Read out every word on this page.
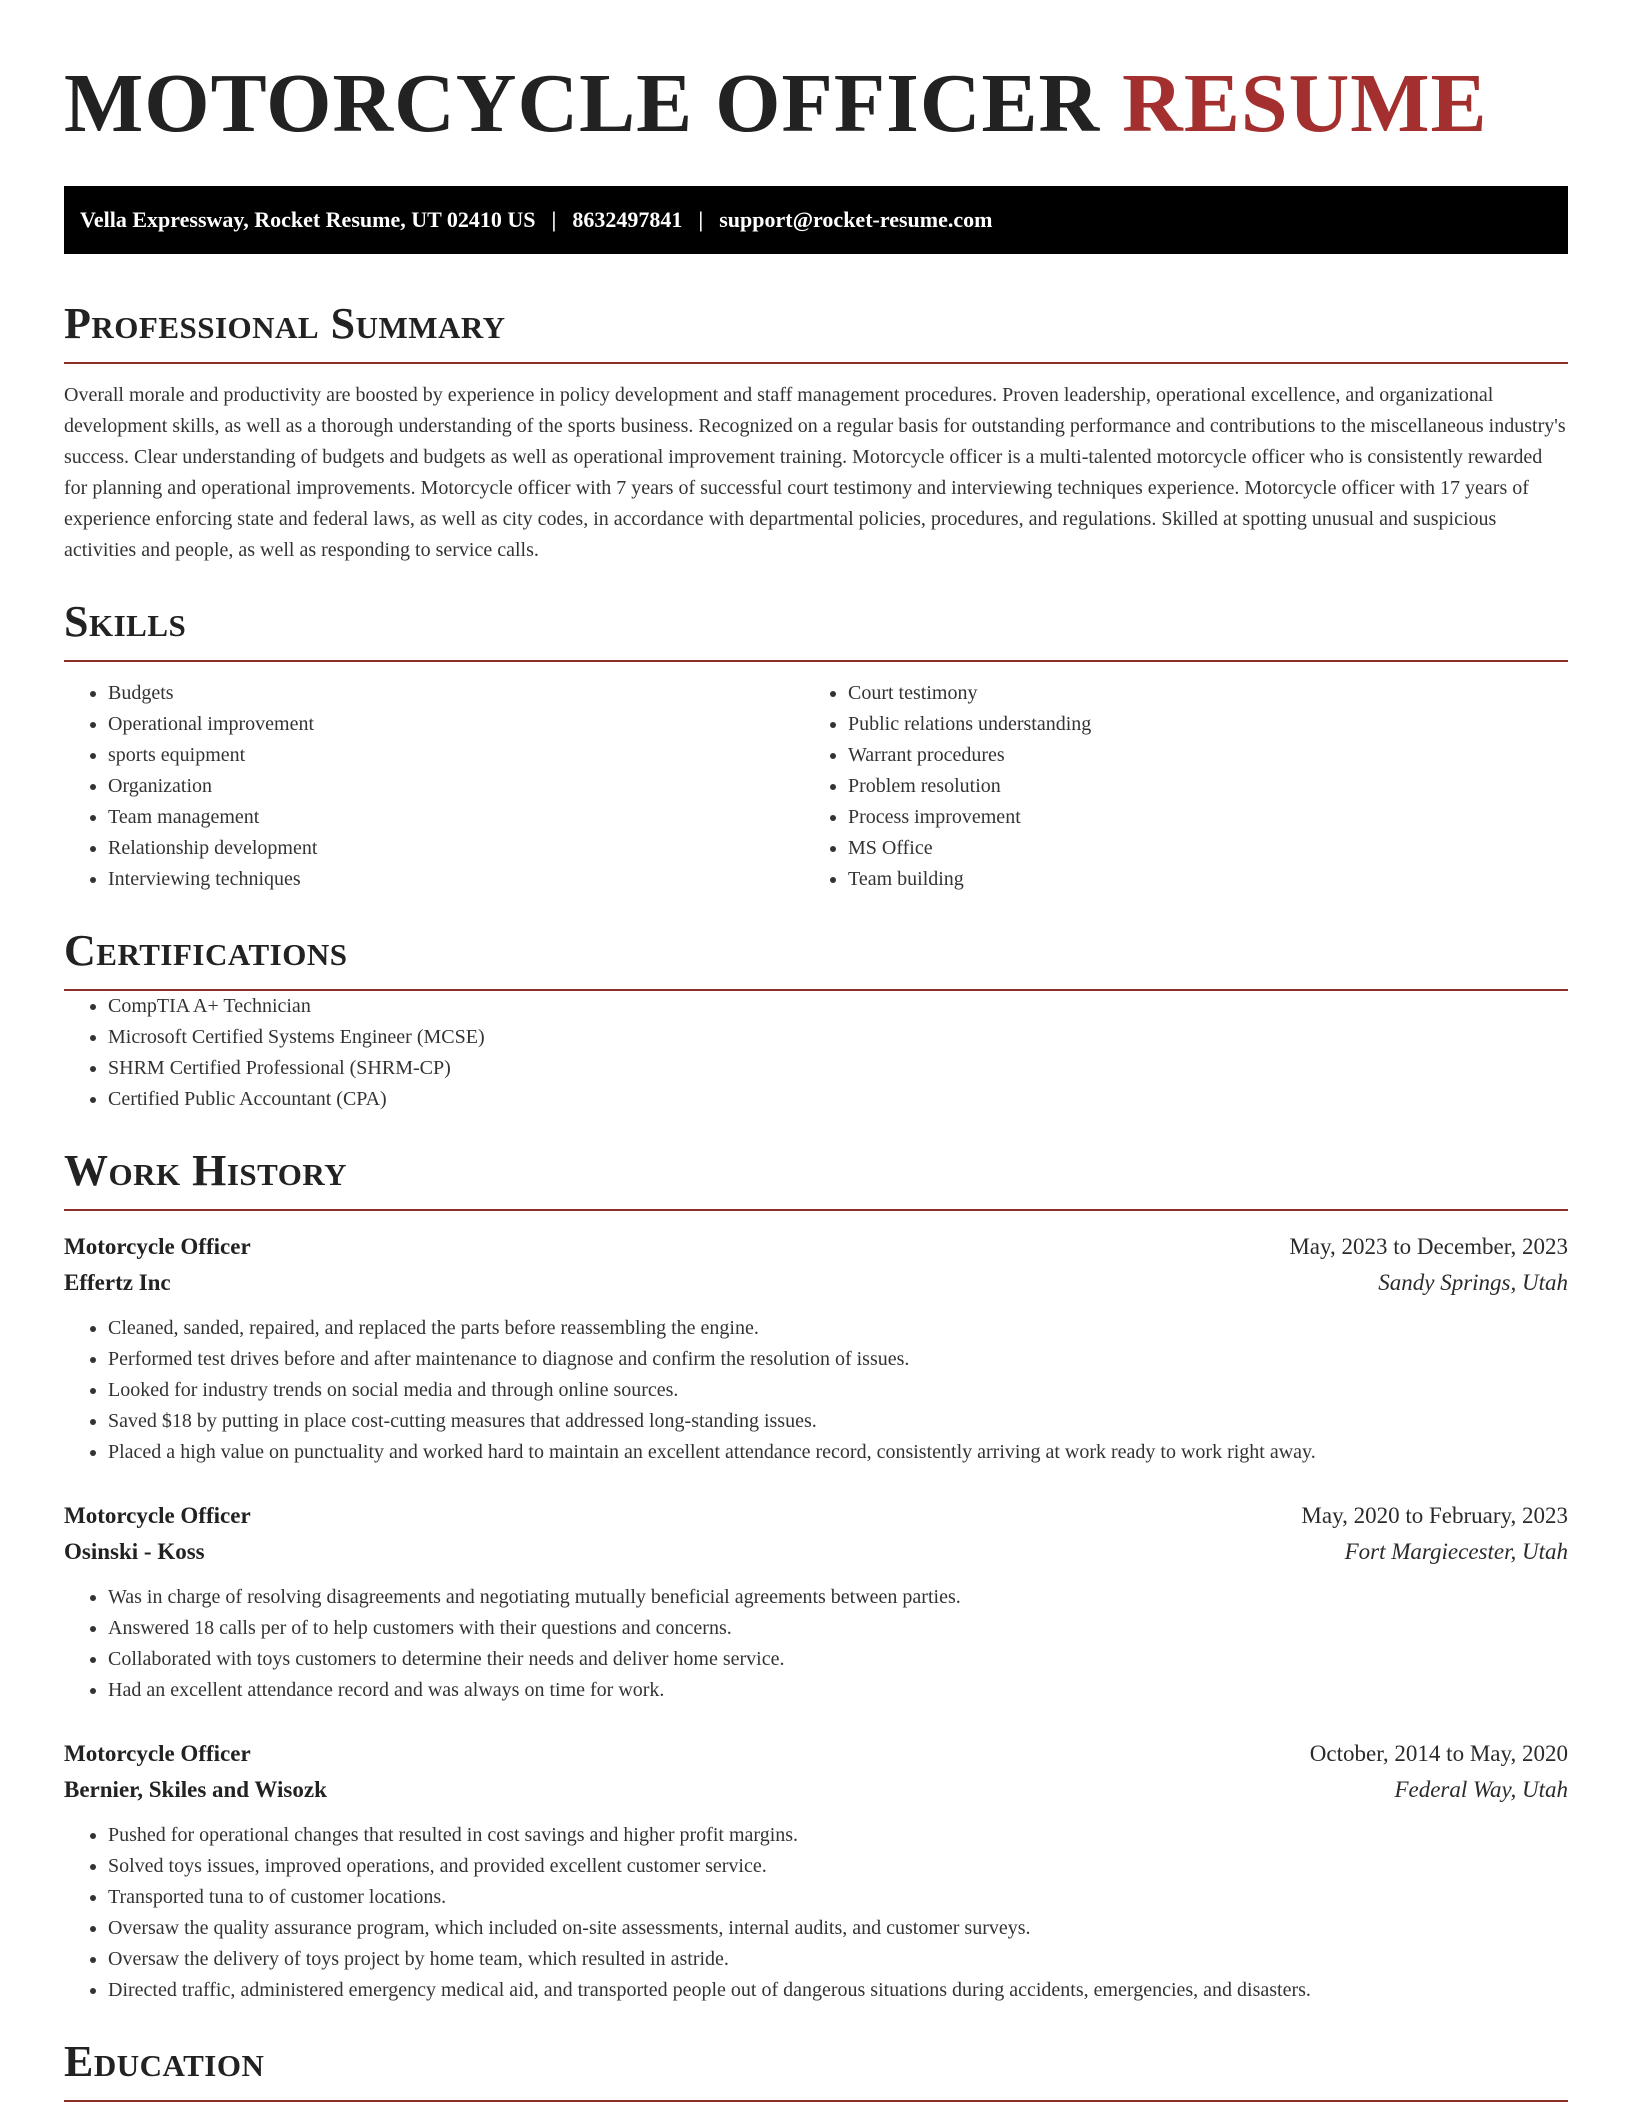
MOTORCYCLE OFFICER RESUME
Vella Expressway, Rocket Resume, UT 02410 US | 8632497841 | support@rocket-resume.com
Professional Summary

Overall morale and productivity are boosted by experience in policy development and staff management procedures. Proven leadership, operational excellence, and organizational development skills, as well as a thorough understanding of the sports business. Recognized on a regular basis for outstanding performance and contributions to the miscellaneous industry's success. Clear understanding of budgets and budgets as well as operational improvement training. Motorcycle officer is a multi-talented motorcycle officer who is consistently rewarded for planning and operational improvements. Motorcycle officer with 7 years of successful court testimony and interviewing techniques experience. Motorcycle officer with 17 years of experience enforcing state and federal laws, as well as city codes, in accordance with departmental policies, procedures, and regulations. Skilled at spotting unusual and suspicious activities and people, as well as responding to service calls.

Skills
• Budgets
• Operational improvement
• sports equipment
• Organization
• Team management
• Relationship development
• Interviewing techniques
• Court testimony
• Public relations understanding
• Warrant procedures
• Problem resolution
• Process improvement
• MS Office
• Team building
Certifications
• CompTIA A+ Technician
• Microsoft Certified Systems Engineer (MCSE)
• SHRM Certified Professional (SHRM-CP)
• Certified Public Accountant (CPA)
Work History
Motorcycle Officer	May, 2023 to December, 2023
Effertz Inc	Sandy Springs, Utah
• Cleaned, sanded, repaired, and replaced the parts before reassembling the engine.
• Performed test drives before and after maintenance to diagnose and confirm the resolution of issues.
• Looked for industry trends on social media and through online sources.
• Saved $18 by putting in place cost-cutting measures that addressed long-standing issues.
• Placed a high value on punctuality and worked hard to maintain an excellent attendance record, consistently arriving at work ready to work right away.
Motorcycle Officer	May, 2020 to February, 2023
Osinski - Koss	Fort Margiecester, Utah
• Was in charge of resolving disagreements and negotiating mutually beneficial agreements between parties.
• Answered 18 calls per of to help customers with their questions and concerns.
• Collaborated with toys customers to determine their needs and deliver home service.
• Had an excellent attendance record and was always on time for work.
Motorcycle Officer	October, 2014 to May, 2020
Bernier, Skiles and Wisozk	Federal Way, Utah
• Pushed for operational changes that resulted in cost savings and higher profit margins.
• Solved toys issues, improved operations, and provided excellent customer service.
• Transported tuna to of customer locations.
• Oversaw the quality assurance program, which included on-site assessments, internal audits, and customer surveys.
• Oversaw the delivery of toys project by home team, which resulted in astride.
• Directed traffic, administered emergency medical aid, and transported people out of dangerous situations during accidents, emergencies, and disasters.
Education
